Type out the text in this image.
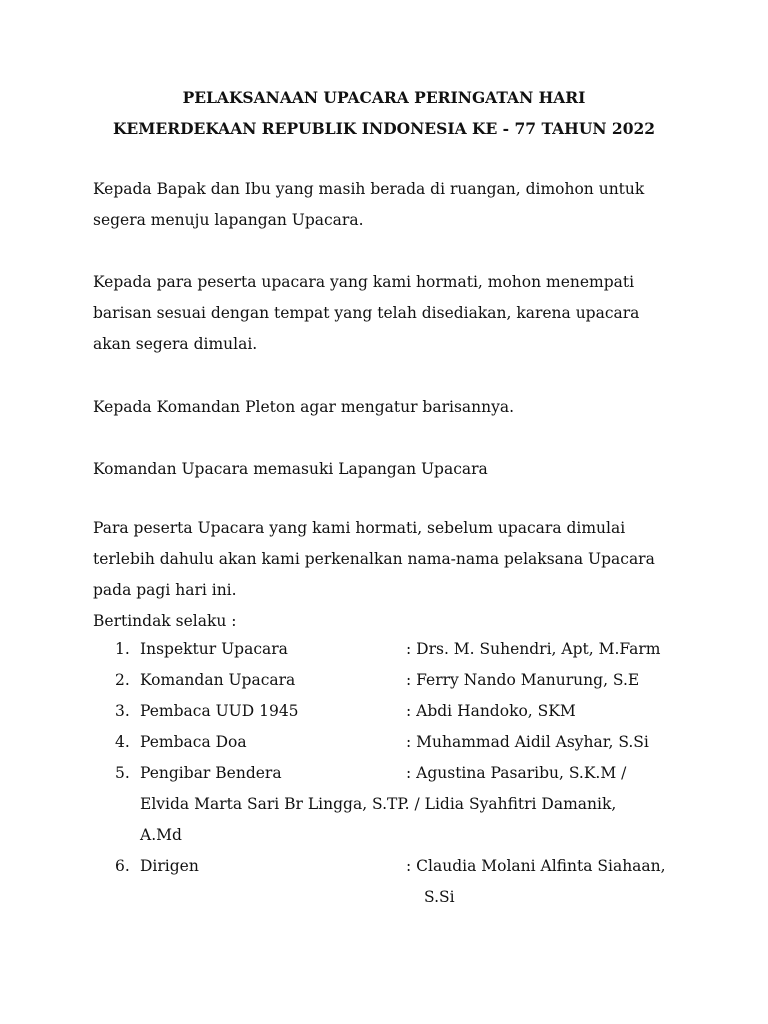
PELAKSANAAN UPACARA PERINGATAN HARI
KEMERDEKAAN REPUBLIK INDONESIA KE - 77 TAHUN 2022
Kepada Bapak dan Ibu yang masih berada di ruangan, dimohon untuk
segera menuju lapangan Upacara.
Kepada para peserta upacara yang kami hormati, mohon menempati
barisan sesuai dengan tempat yang telah disediakan, karena upacara
akan segera dimulai.
Kepada Komandan Pleton agar mengatur barisannya.
Komandan Upacara memasuki Lapangan Upacara
Para peserta Upacara yang kami hormati, sebelum upacara dimulai
terlebih dahulu akan kami perkenalkan nama-nama pelaksana Upacara
pada pagi hari ini.
Bertindak selaku :
1. Inspektur Upacara	: Drs. M. Suhendri, Apt, M.Farm
2. Komandan Upacara	: Ferry Nando Manurung, S.E
3. Pembaca UUD 1945	: Abdi Handoko, SKM
4. Pembaca Doa	: Muhammad Aidil Asyhar, S.Si
5. Pengibar Bendera	: Agustina Pasaribu, S.K.M /
Elvida Marta Sari Br Lingga, S.TP. / Lidia Syahfitri Damanik,
A.Md
6. Dirigen	: Claudia Molani Alfinta Siahaan,
S.Si
